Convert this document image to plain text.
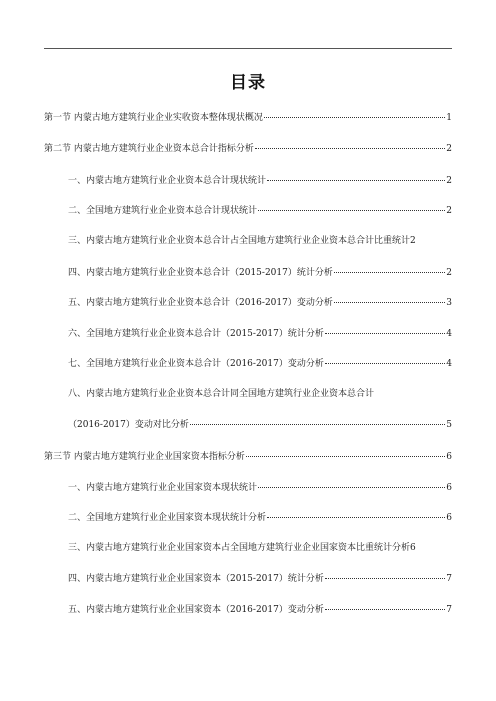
目录
第一节 内蒙古地方建筑行业企业实收资本整体现状概况	1
第二节 内蒙古地方建筑行业企业资本总合计指标分析	2
一、内蒙古地方建筑行业企业资本总合计现状统计	2
二、全国地方建筑行业企业资本总合计现状统计	2
三、内蒙古地方建筑行业企业资本总合计占全国地方建筑行业企业资本总合计比重统计2
四、内蒙古地方建筑行业企业资本总合计（2015-2017）统计分析	2
五、内蒙古地方建筑行业企业资本总合计（2016-2017）变动分析	3
六、全国地方建筑行业企业资本总合计（2015-2017）统计分析	4
七、全国地方建筑行业企业资本总合计（2016-2017）变动分析	4
八、内蒙古地方建筑行业企业资本总合计同全国地方建筑行业企业资本总合计
（2016-2017）变动对比分析	5
第三节 内蒙古地方建筑行业企业国家资本指标分析	6
一、内蒙古地方建筑行业企业国家资本现状统计	6
二、全国地方建筑行业企业国家资本现状统计分析	6
三、内蒙古地方建筑行业企业国家资本占全国地方建筑行业企业国家资本比重统计分析6
四、内蒙古地方建筑行业企业国家资本（2015-2017）统计分析	7
五、内蒙古地方建筑行业企业国家资本（2016-2017）变动分析	7
